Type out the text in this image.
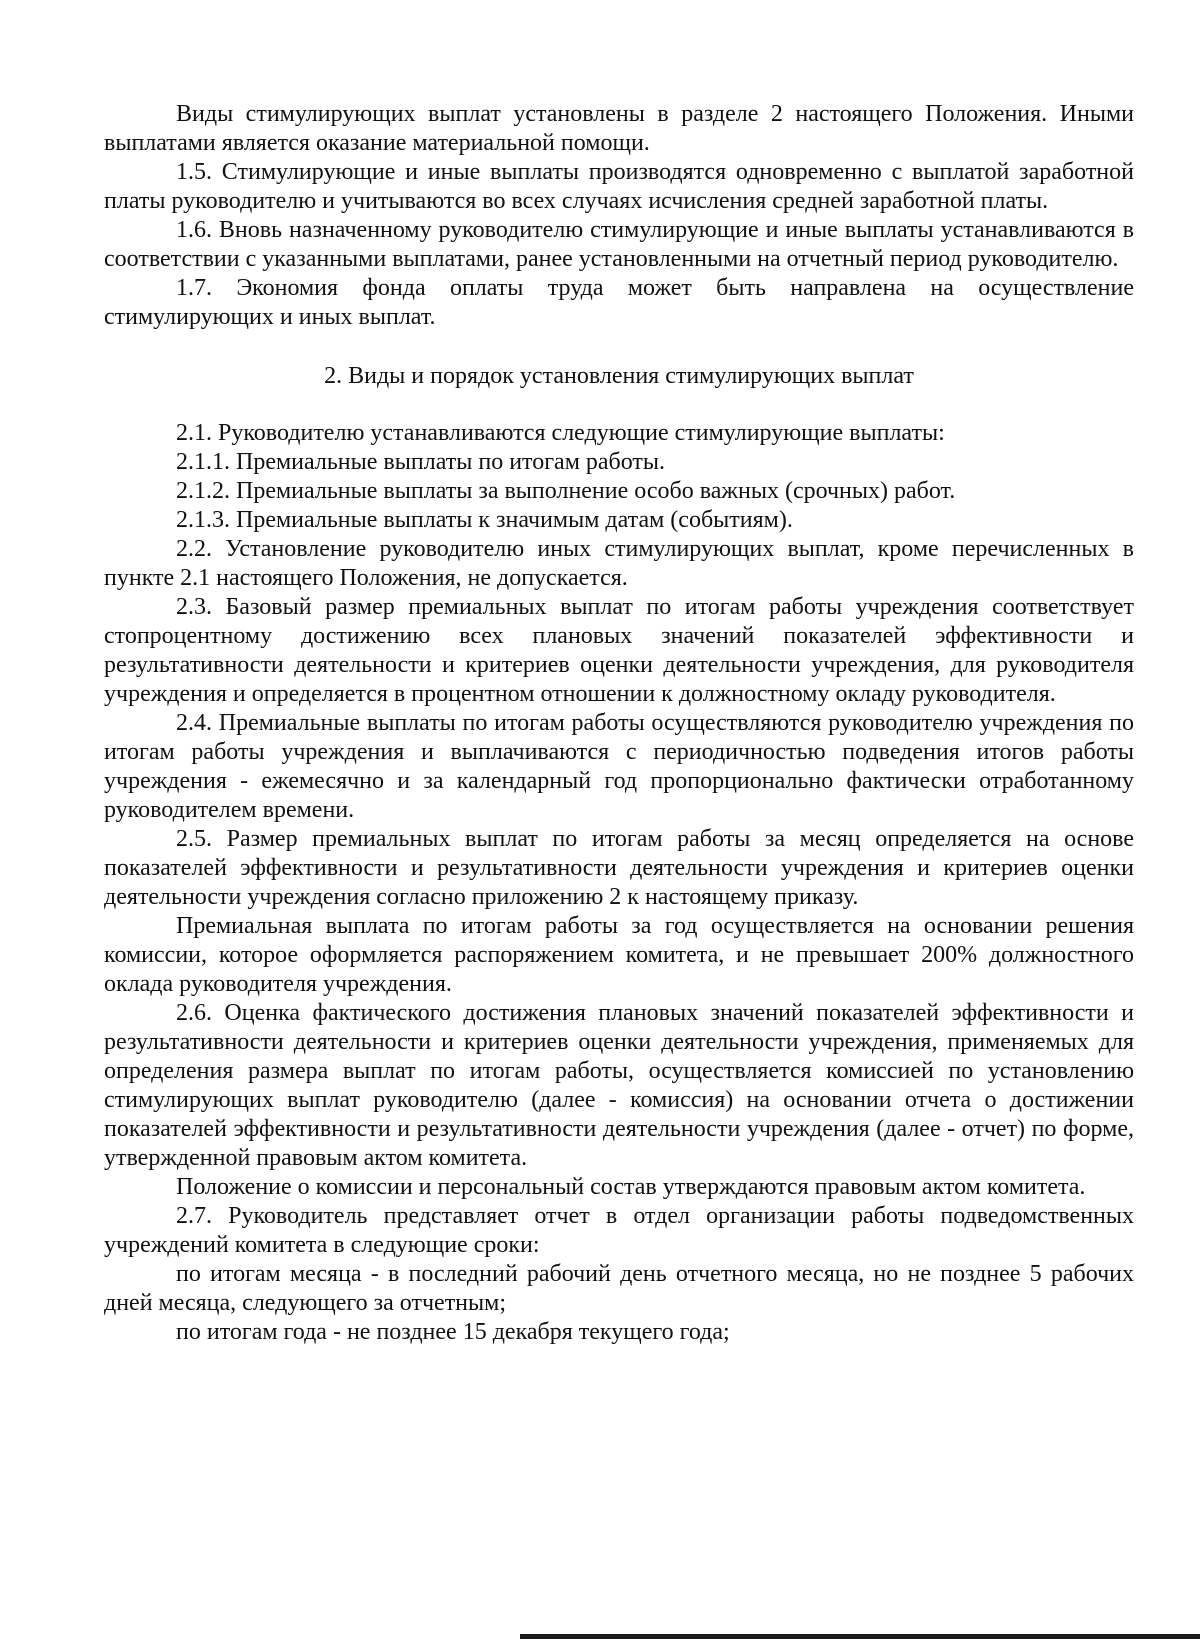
Виды стимулирующих выплат установлены в разделе 2 настоящего Положения. Иными выплатами является оказание материальной помощи.

1.5. Стимулирующие и иные выплаты производятся одновременно с выплатой заработной платы руководителю и учитываются во всех случаях исчисления средней заработной платы.

1.6. Вновь назначенному руководителю стимулирующие и иные выплаты устанавливаются в соответствии с указанными выплатами, ранее установленными на отчетный период руководителю.

1.7. Экономия фонда оплаты труда может быть направлена на осуществление стимулирующих и иных выплат.

2. Виды и порядок установления стимулирующих выплат

2.1. Руководителю устанавливаются следующие стимулирующие выплаты:

2.1.1. Премиальные выплаты по итогам работы.

2.1.2. Премиальные выплаты за выполнение особо важных (срочных) работ.

2.1.3. Премиальные выплаты к значимым датам (событиям).

2.2. Установление руководителю иных стимулирующих выплат, кроме перечисленных в пункте 2.1 настоящего Положения, не допускается.

2.3. Базовый размер премиальных выплат по итогам работы учреждения соответствует стопроцентному достижению всех плановых значений показателей эффективности и результативности деятельности и критериев оценки деятельности учреждения, для руководителя учреждения и определяется в процентном отношении к должностному окладу руководителя.

2.4. Премиальные выплаты по итогам работы осуществляются руководителю учреждения по итогам работы учреждения и выплачиваются с периодичностью подведения итогов работы учреждения - ежемесячно и за календарный год пропорционально фактически отработанному руководителем времени.

2.5. Размер премиальных выплат по итогам работы за месяц определяется на основе показателей эффективности и результативности деятельности учреждения и критериев оценки деятельности учреждения согласно приложению 2 к настоящему приказу.

Премиальная выплата по итогам работы за год осуществляется на основании решения комиссии, которое оформляется распоряжением комитета, и не превышает 200% должностного оклада руководителя учреждения.

2.6. Оценка фактического достижения плановых значений показателей эффективности и результативности деятельности и критериев оценки деятельности учреждения, применяемых для определения размера выплат по итогам работы, осуществляется комиссией по установлению стимулирующих выплат руководителю (далее - комиссия) на основании отчета о достижении показателей эффективности и результативности деятельности учреждения (далее - отчет) по форме, утвержденной правовым актом комитета.

Положение о комиссии и персональный состав утверждаются правовым актом комитета.

2.7. Руководитель представляет отчет в отдел организации работы подведомственных учреждений комитета в следующие сроки:

по итогам месяца - в последний рабочий день отчетного месяца, но не позднее 5 рабочих дней месяца, следующего за отчетным;

по итогам года - не позднее 15 декабря текущего года;
